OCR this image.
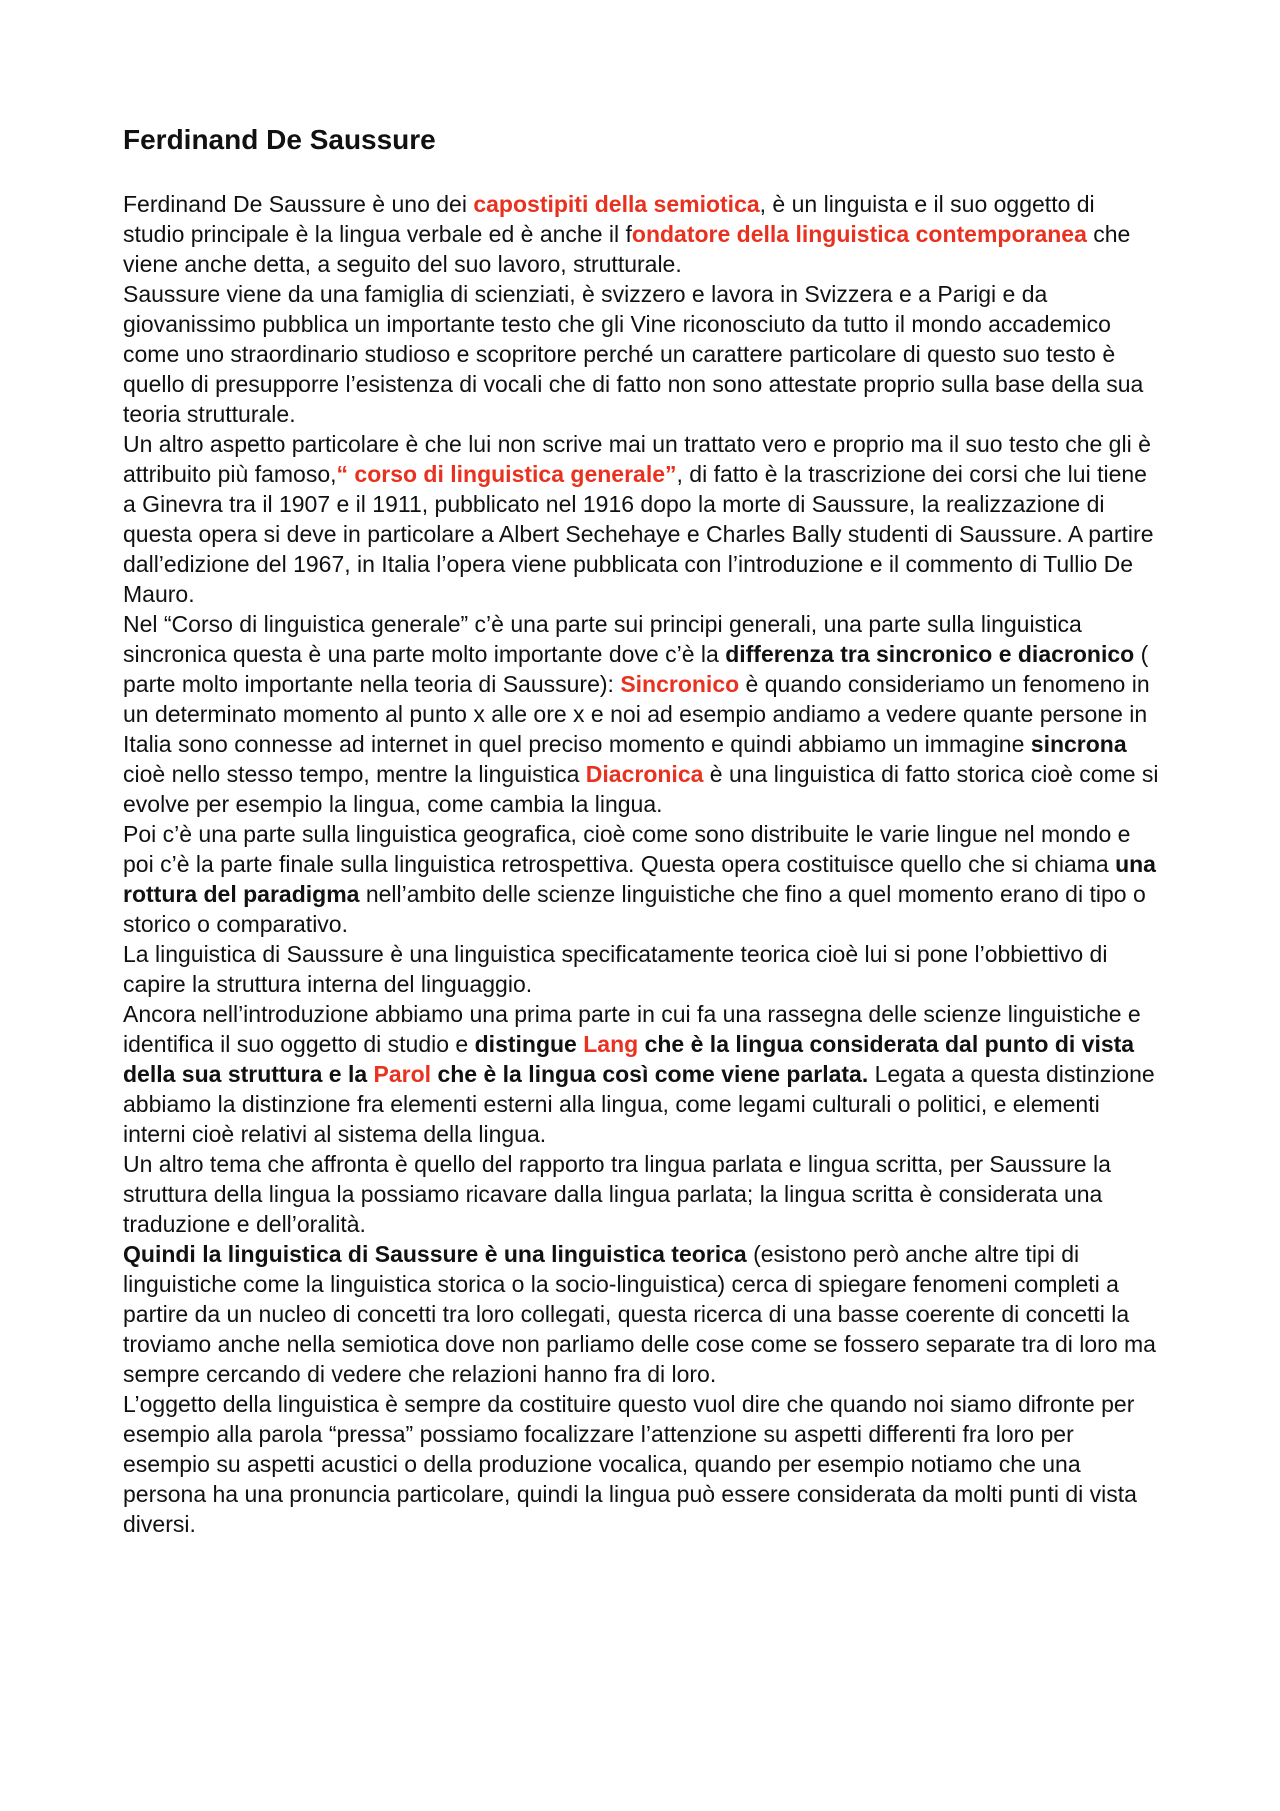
Ferdinand De Saussure

Ferdinand De Saussure è uno dei capostipiti della semiotica, è un linguista e il suo oggetto di studio principale è la lingua verbale ed è anche il fondatore della linguistica contemporanea che viene anche detta, a seguito del suo lavoro, strutturale.

Saussure viene da una famiglia di scienziati, è svizzero e lavora in Svizzera e a Parigi e da giovanissimo pubblica un importante testo che gli Vine riconosciuto da tutto il mondo accademico come uno straordinario studioso e scopritore perché un carattere particolare di questo suo testo è quello di presupporre l’esistenza di vocali che di fatto non sono attestate proprio sulla base della sua teoria strutturale.

Un altro aspetto particolare è che lui non scrive mai un trattato vero e proprio ma il suo testo che gli è attribuito più famoso,“ corso di linguistica generale”, di fatto è la trascrizione dei corsi che lui tiene a Ginevra tra il 1907 e il 1911, pubblicato nel 1916 dopo la morte di Saussure, la realizzazione di questa opera si deve in particolare a Albert Sechehaye e Charles Bally studenti di Saussure. A partire dall’edizione del 1967, in Italia l’opera viene pubblicata con l’introduzione e il commento di Tullio De Mauro.

Nel “Corso di linguistica generale” c’è una parte sui principi generali, una parte sulla linguistica sincronica questa è una parte molto importante dove c’è la differenza tra sincronico e diacronico ( parte molto importante nella teoria di Saussure): Sincronico è quando consideriamo un fenomeno in un determinato momento al punto x alle ore x e noi ad esempio andiamo a vedere quante persone in Italia sono connesse ad internet in quel preciso momento e quindi abbiamo un immagine sincrona cioè nello stesso tempo, mentre la linguistica Diacronica è una linguistica di fatto storica cioè come si evolve per esempio la lingua, come cambia la lingua.

Poi c’è una parte sulla linguistica geografica, cioè come sono distribuite le varie lingue nel mondo e poi c’è la parte finale sulla linguistica retrospettiva. Questa opera costituisce quello che si chiama una rottura del paradigma nell’ambito delle scienze linguistiche che fino a quel momento erano di tipo o storico o comparativo.

La linguistica di Saussure è una linguistica specificatamente teorica cioè lui si pone l’obbiettivo di capire la struttura interna del linguaggio.

Ancora nell’introduzione abbiamo una prima parte in cui fa una rassegna delle scienze linguistiche e identifica il suo oggetto di studio e distingue Lang che è la lingua considerata dal punto di vista della sua struttura e la Parol che è la lingua così come viene parlata. Legata a questa distinzione abbiamo la distinzione fra elementi esterni alla lingua, come legami culturali o politici, e elementi interni cioè relativi al sistema della lingua.

Un altro tema che affronta è quello del rapporto tra lingua parlata e lingua scritta, per Saussure la struttura della lingua la possiamo ricavare dalla lingua parlata; la lingua scritta è considerata una traduzione e dell’oralità.

Quindi la linguistica di Saussure è una linguistica teorica (esistono però anche altre tipi di linguistiche come la linguistica storica o la socio-linguistica) cerca di spiegare fenomeni completi a partire da un nucleo di concetti tra loro collegati, questa ricerca di una basse coerente di concetti la troviamo anche nella semiotica dove non parliamo delle cose come se fossero separate tra di loro ma sempre cercando di vedere che relazioni hanno fra di loro.

L’oggetto della linguistica è sempre da costituire questo vuol dire che quando noi siamo difronte per esempio alla parola “pressa” possiamo focalizzare l’attenzione su aspetti differenti fra loro per esempio su aspetti acustici o della produzione vocalica, quando per esempio notiamo che una persona ha una pronuncia particolare, quindi la lingua può essere considerata da molti punti di vista diversi.
